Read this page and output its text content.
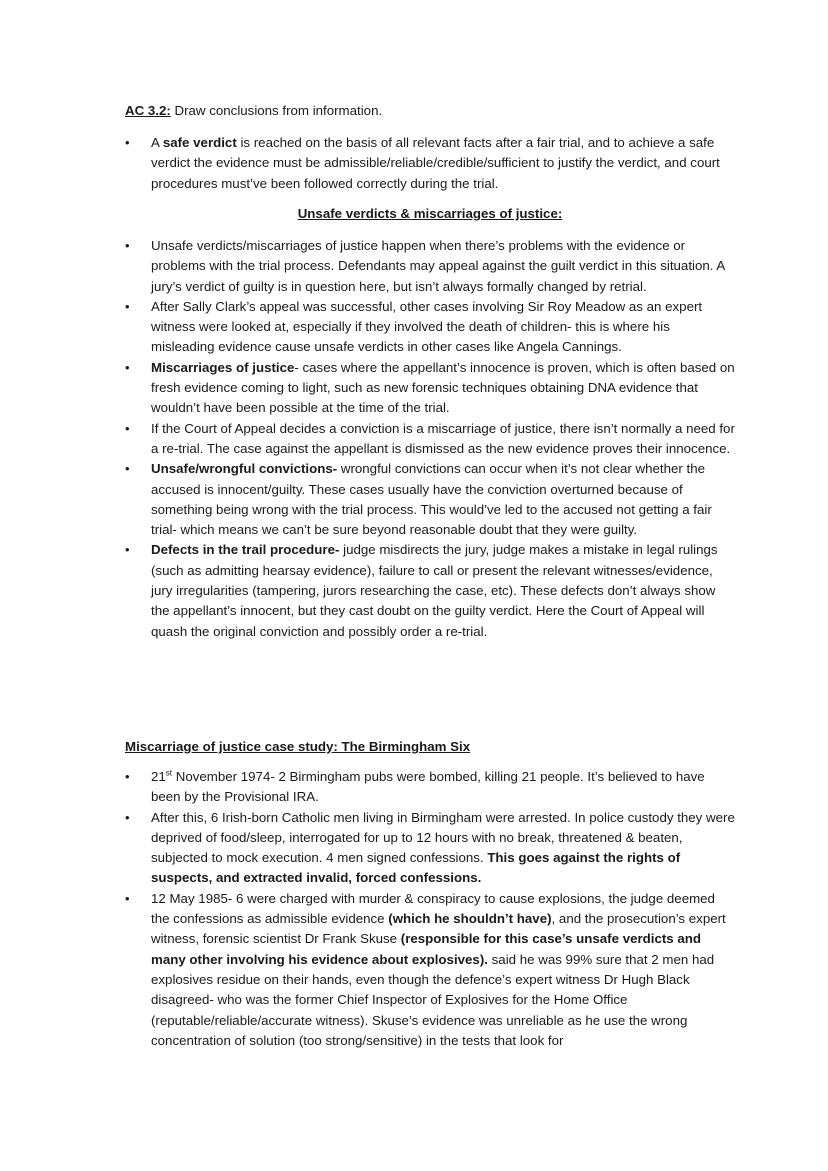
AC 3.2: Draw conclusions from information.
•	A safe verdict is reached on the basis of all relevant facts after a fair trial, and to achieve a safe verdict the evidence must be admissible/reliable/credible/sufficient to justify the verdict, and court procedures must’ve been followed correctly during the trial.
Unsafe verdicts & miscarriages of justice:
•	Unsafe verdicts/miscarriages of justice happen when there’s problems with the evidence or problems with the trial process. Defendants may appeal against the guilt verdict in this situation. A jury’s verdict of guilty is in question here, but isn’t always formally changed by retrial.
•	After Sally Clark’s appeal was successful, other cases involving Sir Roy Meadow as an expert witness were looked at, especially if they involved the death of children- this is where his misleading evidence cause unsafe verdicts in other cases like Angela Cannings.
•	Miscarriages of justice- cases where the appellant’s innocence is proven, which is often based on fresh evidence coming to light, such as new forensic techniques obtaining DNA evidence that wouldn’t have been possible at the time of the trial.
•	If the Court of Appeal decides a conviction is a miscarriage of justice, there isn’t normally a need for a re-trial. The case against the appellant is dismissed as the new evidence proves their innocence.
•	Unsafe/wrongful convictions- wrongful convictions can occur when it’s not clear whether the accused is innocent/guilty. These cases usually have the conviction overturned because of something being wrong with the trial process. This would’ve led to the accused not getting a fair trial- which means we can’t be sure beyond reasonable doubt that they were guilty.
•	Defects in the trail procedure- judge misdirects the jury, judge makes a mistake in legal rulings (such as admitting hearsay evidence), failure to call or present the relevant witnesses/evidence, jury irregularities (tampering, jurors researching the case, etc). These defects don’t always show the appellant’s innocent, but they cast doubt on the guilty verdict. Here the Court of Appeal will quash the original conviction and possibly order a re-trial.
Miscarriage of justice case study: The Birmingham Six
•	21st November 1974- 2 Birmingham pubs were bombed, killing 21 people. It’s believed to have been by the Provisional IRA.
•	After this, 6 Irish-born Catholic men living in Birmingham were arrested. In police custody they were deprived of food/sleep, interrogated for up to 12 hours with no break, threatened & beaten, subjected to mock execution. 4 men signed confessions. This goes against the rights of suspects, and extracted invalid, forced confessions.
•	12 May 1985- 6 were charged with murder & conspiracy to cause explosions, the judge deemed the confessions as admissible evidence (which he shouldn’t have), and the prosecution’s expert witness, forensic scientist Dr Frank Skuse (responsible for this case’s unsafe verdicts and many other involving his evidence about explosives). said he was 99% sure that 2 men had explosives residue on their hands, even though the defence’s expert witness Dr Hugh Black disagreed- who was the former Chief Inspector of Explosives for the Home Office (reputable/reliable/accurate witness). Skuse’s evidence was unreliable as he use the wrong concentration of solution (too strong/sensitive) in the tests that look for
